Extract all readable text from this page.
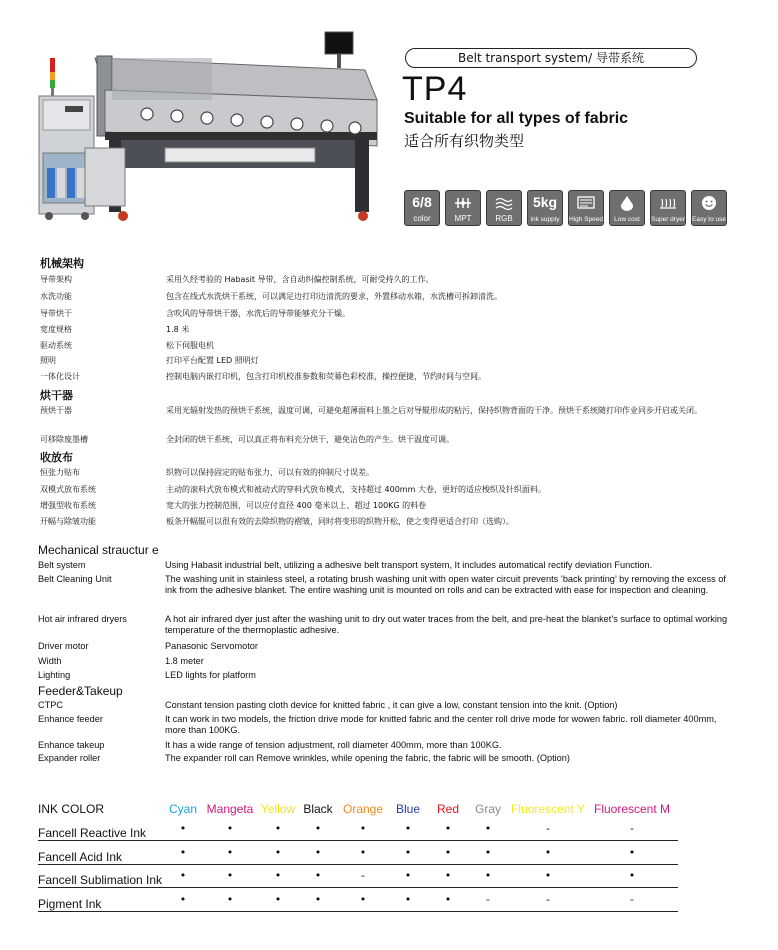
Belt transport system/ 导带系统
TP4
Suitable for all types of fabric
适合所有织物类型
6/8
color	MPT	RGB
5kg
ink supply	High Speed	Low cost	Super dryer Easy to use
机械架构
导带架构	采用久经考验的 Habasit 导带，含自动纠偏控制系统，可耐受持久的工作。
水洗功能	包含在线式水洗烘干系统，可以满足边打印边清洗的要求，外置移动水箱，水洗槽可拆卸清洗。
导带烘干	含吹风的导带烘干器，水洗后的导带能够充分干燥。
宽度规格	1.8 米
驱动系统	松下伺服电机
照明	打印平台配置 LED 照明灯
一体化设计	控制电脑内嵌打印机，包含打印机校准参数和荧幕色彩校准，操控便捷，节约时间与空间。
烘干器
预烘干器	采用光辐射发热的预烘干系统，温度可调，可避免超薄面料上墨之后对导辊形成的粘污，保持织物背面的干净。预烘干系统随打印作业同步开启或关闭。
可移除废墨槽	全封闭的烘干系统，可以真正将布料充分烘干，避免沾色的产生。烘干温度可调。
收放布
恒张力贴布	织物可以保持固定的贴布张力，可以有效的抑制尺寸误差。
双模式放布系统	主动的滚料式放布模式和被动式的穿料式放布模式，支持超过 400mm 大卷，更好的适应梭织及针织面料。
增强型收布系统	宽大的张力控制范围，可以应付直径 400 毫米以上、超过 100KG 的料卷
开幅与除皱功能	板条开幅辊可以很有效的去除织物的褶皱，同时将变形的织物开松，使之变得更适合打印（选购）。
Mechanical strauctur e
Belt system	Using Habasit industrial belt, utilizing a adhesive belt transport system, It includes automatical rectify deviation Function.
Belt Cleaning Unit	The washing unit in stainless steel, a rotating brush washing unit with open water circuit prevents ‘back printing’ by removing the excess of ink from the adhesive blanket. The entire washing unit is mounted on rolls and can be extracted with ease for inspection and cleaning.
Hot air infrared dryers	A hot air infrared dyer just after the washing unit to dry out water traces from the belt, and pre-heat the blanket’s surface to optimal working temperature of the thermoplastic adhesive.
Driver motor	Panasonic Servomotor
Width	1.8 meter
Lighting	LED lights for platform
Feeder&Takeup
CTPC	Constant tension pasting cloth device for knitted fabric , it can give a low, constant tension into the knit. (Option)
Enhance feeder	It can work in two models, the friction drive mode for knitted fabric and the center roll drive mode for wowen fabric. roll diameter 400mm, more than 100KG.
Enhance takeup	It has a wide range of tension adjustment, roll diameter 400mm, more than 100KG.
Expander roller	The expander roll can Remove wrinkles, while opening the fabric, the fabric will be smooth. (Option)
INK COLOR	Cyan Mangeta Yellow Black Orange Blue Red Gray Fluorescent Y Fluorescent M
Fancell Reactive Ink	•	•	•	•	•	•	•	•	-	-
Fancell Acid Ink	•	•	•	•	•	•	•	•	•	•
Fancell Sublimation Ink •	•	•	•	-	•	•	•	•	•
Pigment Ink	•	•	•	•	•	•	•	-	-	-
